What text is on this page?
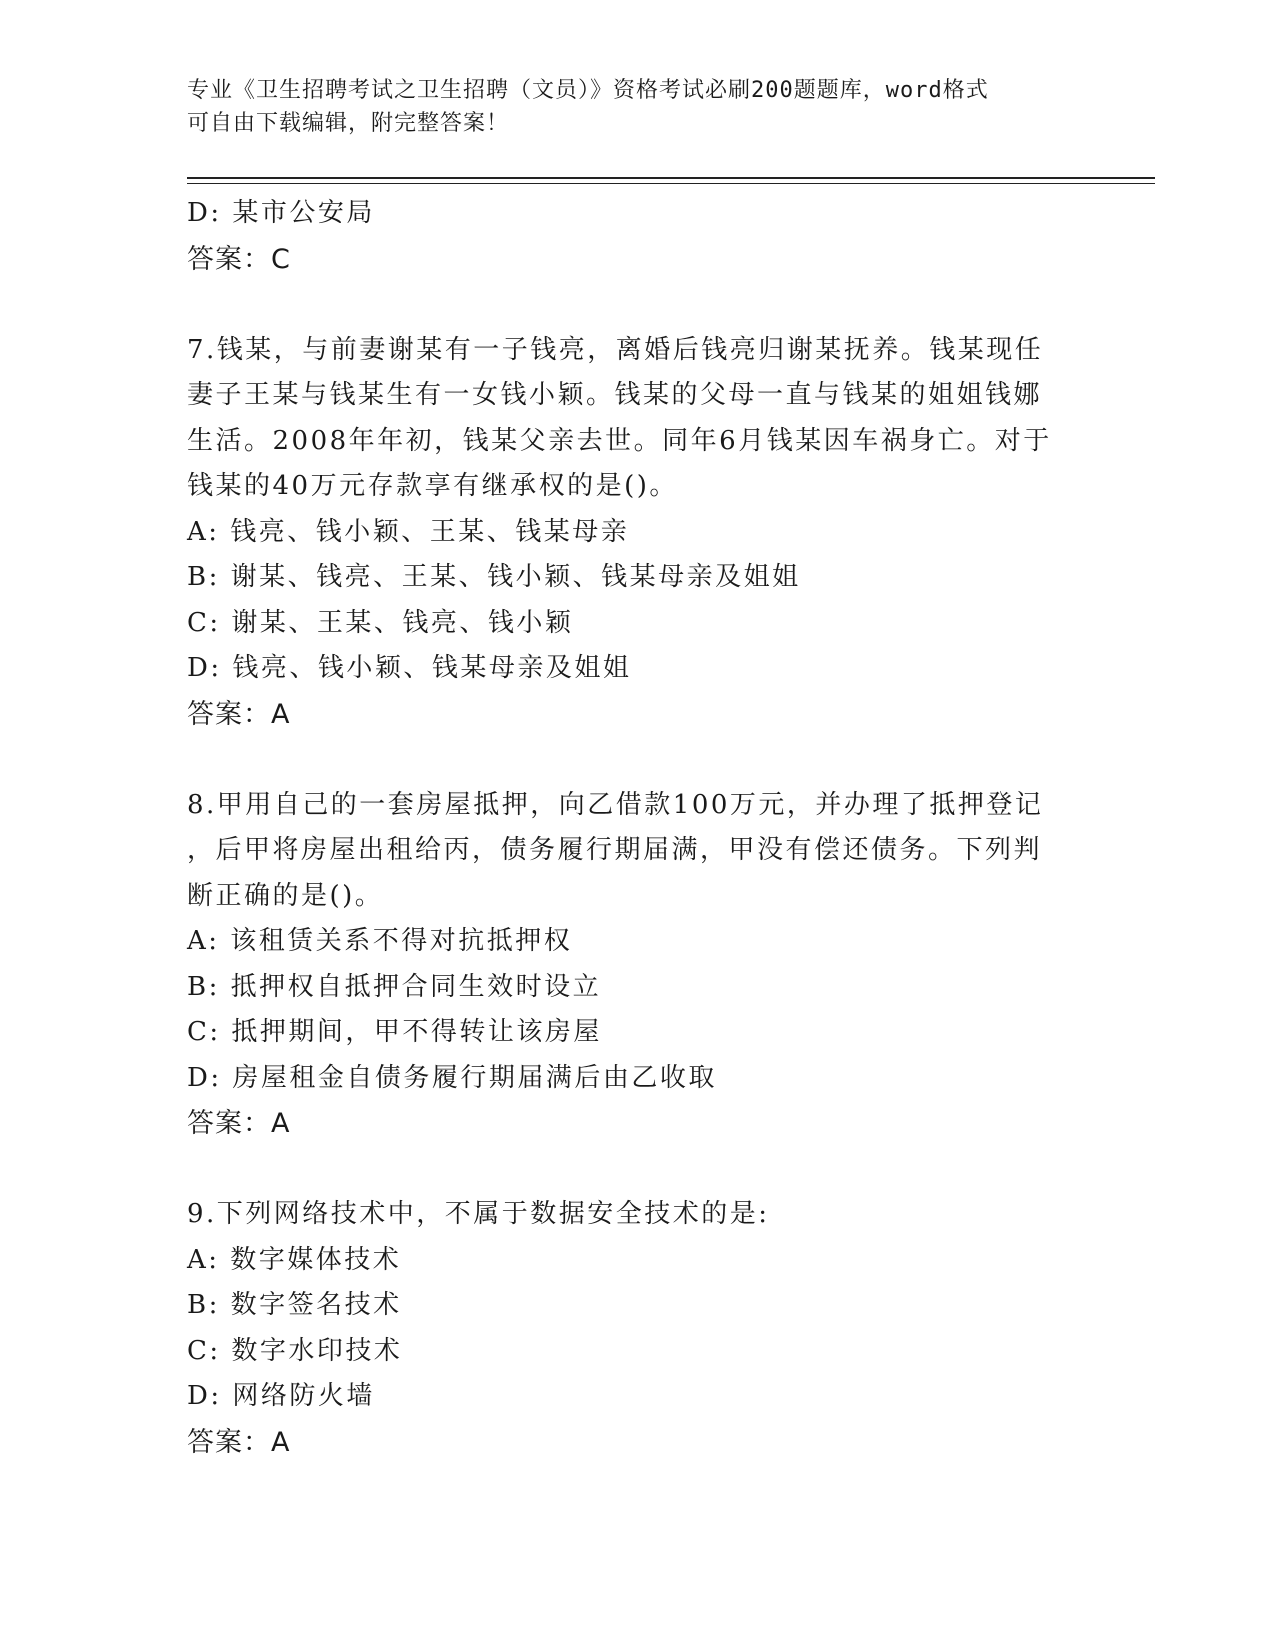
专业《卫生招聘考试之卫生招聘（文员）》资格考试必刷200题题库，word格式
可自由下载编辑，附完整答案！
D: 某市公安局
答案：C
7.钱某，与前妻谢某有一子钱亮，离婚后钱亮归谢某抚养。钱某现任
妻子王某与钱某生有一女钱小颖。钱某的父母一直与钱某的姐姐钱娜
生活。2008年年初，钱某父亲去世。同年6月钱某因车祸身亡。对于
钱某的40万元存款享有继承权的是()。
A: 钱亮、钱小颖、王某、钱某母亲
B: 谢某、钱亮、王某、钱小颖、钱某母亲及姐姐
C: 谢某、王某、钱亮、钱小颖
D: 钱亮、钱小颖、钱某母亲及姐姐
答案：A
8.甲用自己的一套房屋抵押，向乙借款100万元，并办理了抵押登记
，后甲将房屋出租给丙，债务履行期届满，甲没有偿还债务。下列判
断正确的是()。
A: 该租赁关系不得对抗抵押权
B: 抵押权自抵押合同生效时设立
C: 抵押期间，甲不得转让该房屋
D: 房屋租金自债务履行期届满后由乙收取
答案：A
9.下列网络技术中，不属于数据安全技术的是:
A: 数字媒体技术
B: 数字签名技术
C: 数字水印技术
D: 网络防火墙
答案：A
